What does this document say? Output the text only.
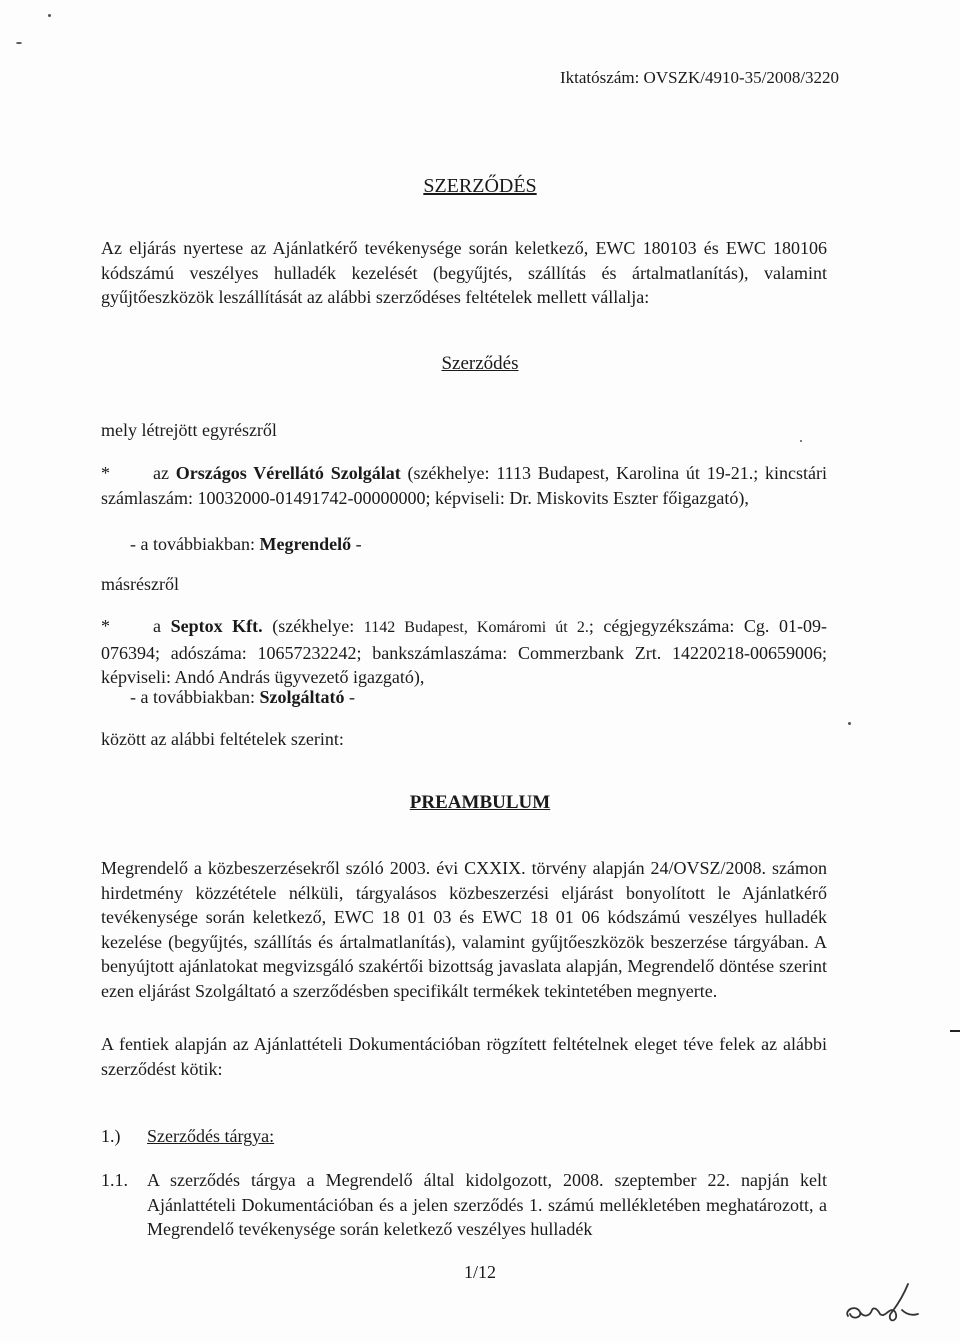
Iktatószám: OVSZK/4910-35/2008/3220

SZERZŐDÉS

Az eljárás nyertese az Ajánlatkérő tevékenysége során keletkező, EWC 180103 és EWC 180106 kódszámú veszélyes hulladék kezelését (begyűjtés, szállítás és ártalmatlanítás), valamint gyűjtőeszközök leszállítását az alábbi szerződéses feltételek mellett vállalja:

Szerződés

mely létrejött egyrészről

* az Országos Vérellátó Szolgálat (székhelye: 1113 Budapest, Karolina út 19-21.; kincstári számlaszám: 10032000-01491742-00000000; képviseli: Dr. Miskovits Eszter főigazgató),

- a továbbiakban: Megrendelő -

másrészről

* a Septox Kft. (székhelye: 1142 Budapest, Komáromi út 2.; cégjegyzékszáma: Cg. 01-09-076394; adószáma: 10657232242; bankszámlaszáma: Commerzbank Zrt. 14220218-00659006; képviseli: Andó András ügyvezető igazgató),

- a továbbiakban: Szolgáltató -

között az alábbi feltételek szerint:

PREAMBULUM

Megrendelő a közbeszerzésekről szóló 2003. évi CXXIX. törvény alapján 24/OVSZ/2008. számon hirdetmény közzététele nélküli, tárgyalásos közbeszerzési eljárást bonyolított le Ajánlatkérő tevékenysége során keletkező, EWC 18 01 03 és EWC 18 01 06 kódszámú veszélyes hulladék kezelése (begyűjtés, szállítás és ártalmatlanítás), valamint gyűjtőeszközök beszerzése tárgyában. A benyújtott ajánlatokat megvizsgáló szakértői bizottság javaslata alapján, Megrendelő döntése szerint ezen eljárást Szolgáltató a szerződésben specifikált termékek tekintetében megnyerte.

A fentiek alapján az Ajánlattételi Dokumentációban rögzített feltételnek eleget téve felek az alábbi szerződést kötik:

1.) Szerződés tárgya:

1.1. A szerződés tárgya a Megrendelő által kidolgozott, 2008. szeptember 22. napján kelt Ajánlattételi Dokumentációban és a jelen szerződés 1. számú mellékletében meghatározott, a Megrendelő tevékenysége során keletkező veszélyes hulladék

1/12
